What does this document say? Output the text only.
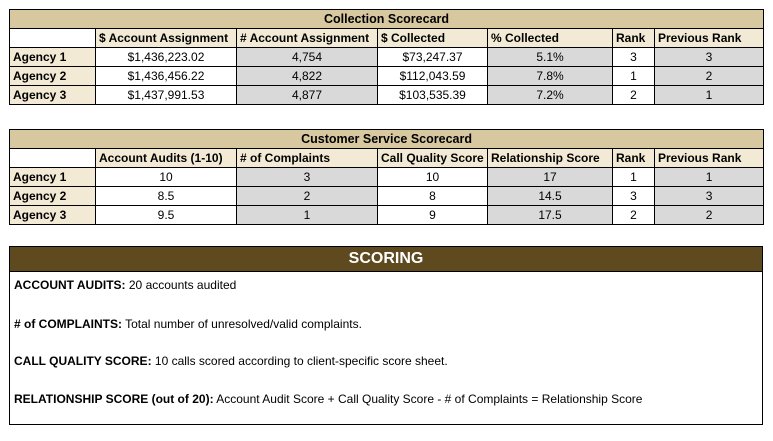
Collection Scorecard						
	$ Account Assignment	# Account Assignment	$ Collected	% Collected	Rank	Previous Rank
Agency 1	$1,436,223.02	4,754	$73,247.37	5.1%	3	3
Agency 2	$1,436,456.22	4,822	$112,043.59	7.8%	1	2
Agency 3	$1,437,991.53	4,877	$103,535.39	7.2%	2	1
Customer Service Scorecard						
	Account Audits (1-10)	# of Complaints	Call Quality Score	Relationship Score	Rank	Previous Rank
Agency 1	10	3	10	17	1	1
Agency 2	8.5	2	8	14.5	3	3
Agency 3	9.5	1	9	17.5	2	2
SCORING
ACCOUNT AUDITS: 20 accounts audited
# of COMPLAINTS: Total number of unresolved/valid complaints.
CALL QUALITY SCORE: 10 calls scored according to client-specific score sheet.
RELATIONSHIP SCORE (out of 20): Account Audit Score + Call Quality Score - # of Complaints = Relationship Score
